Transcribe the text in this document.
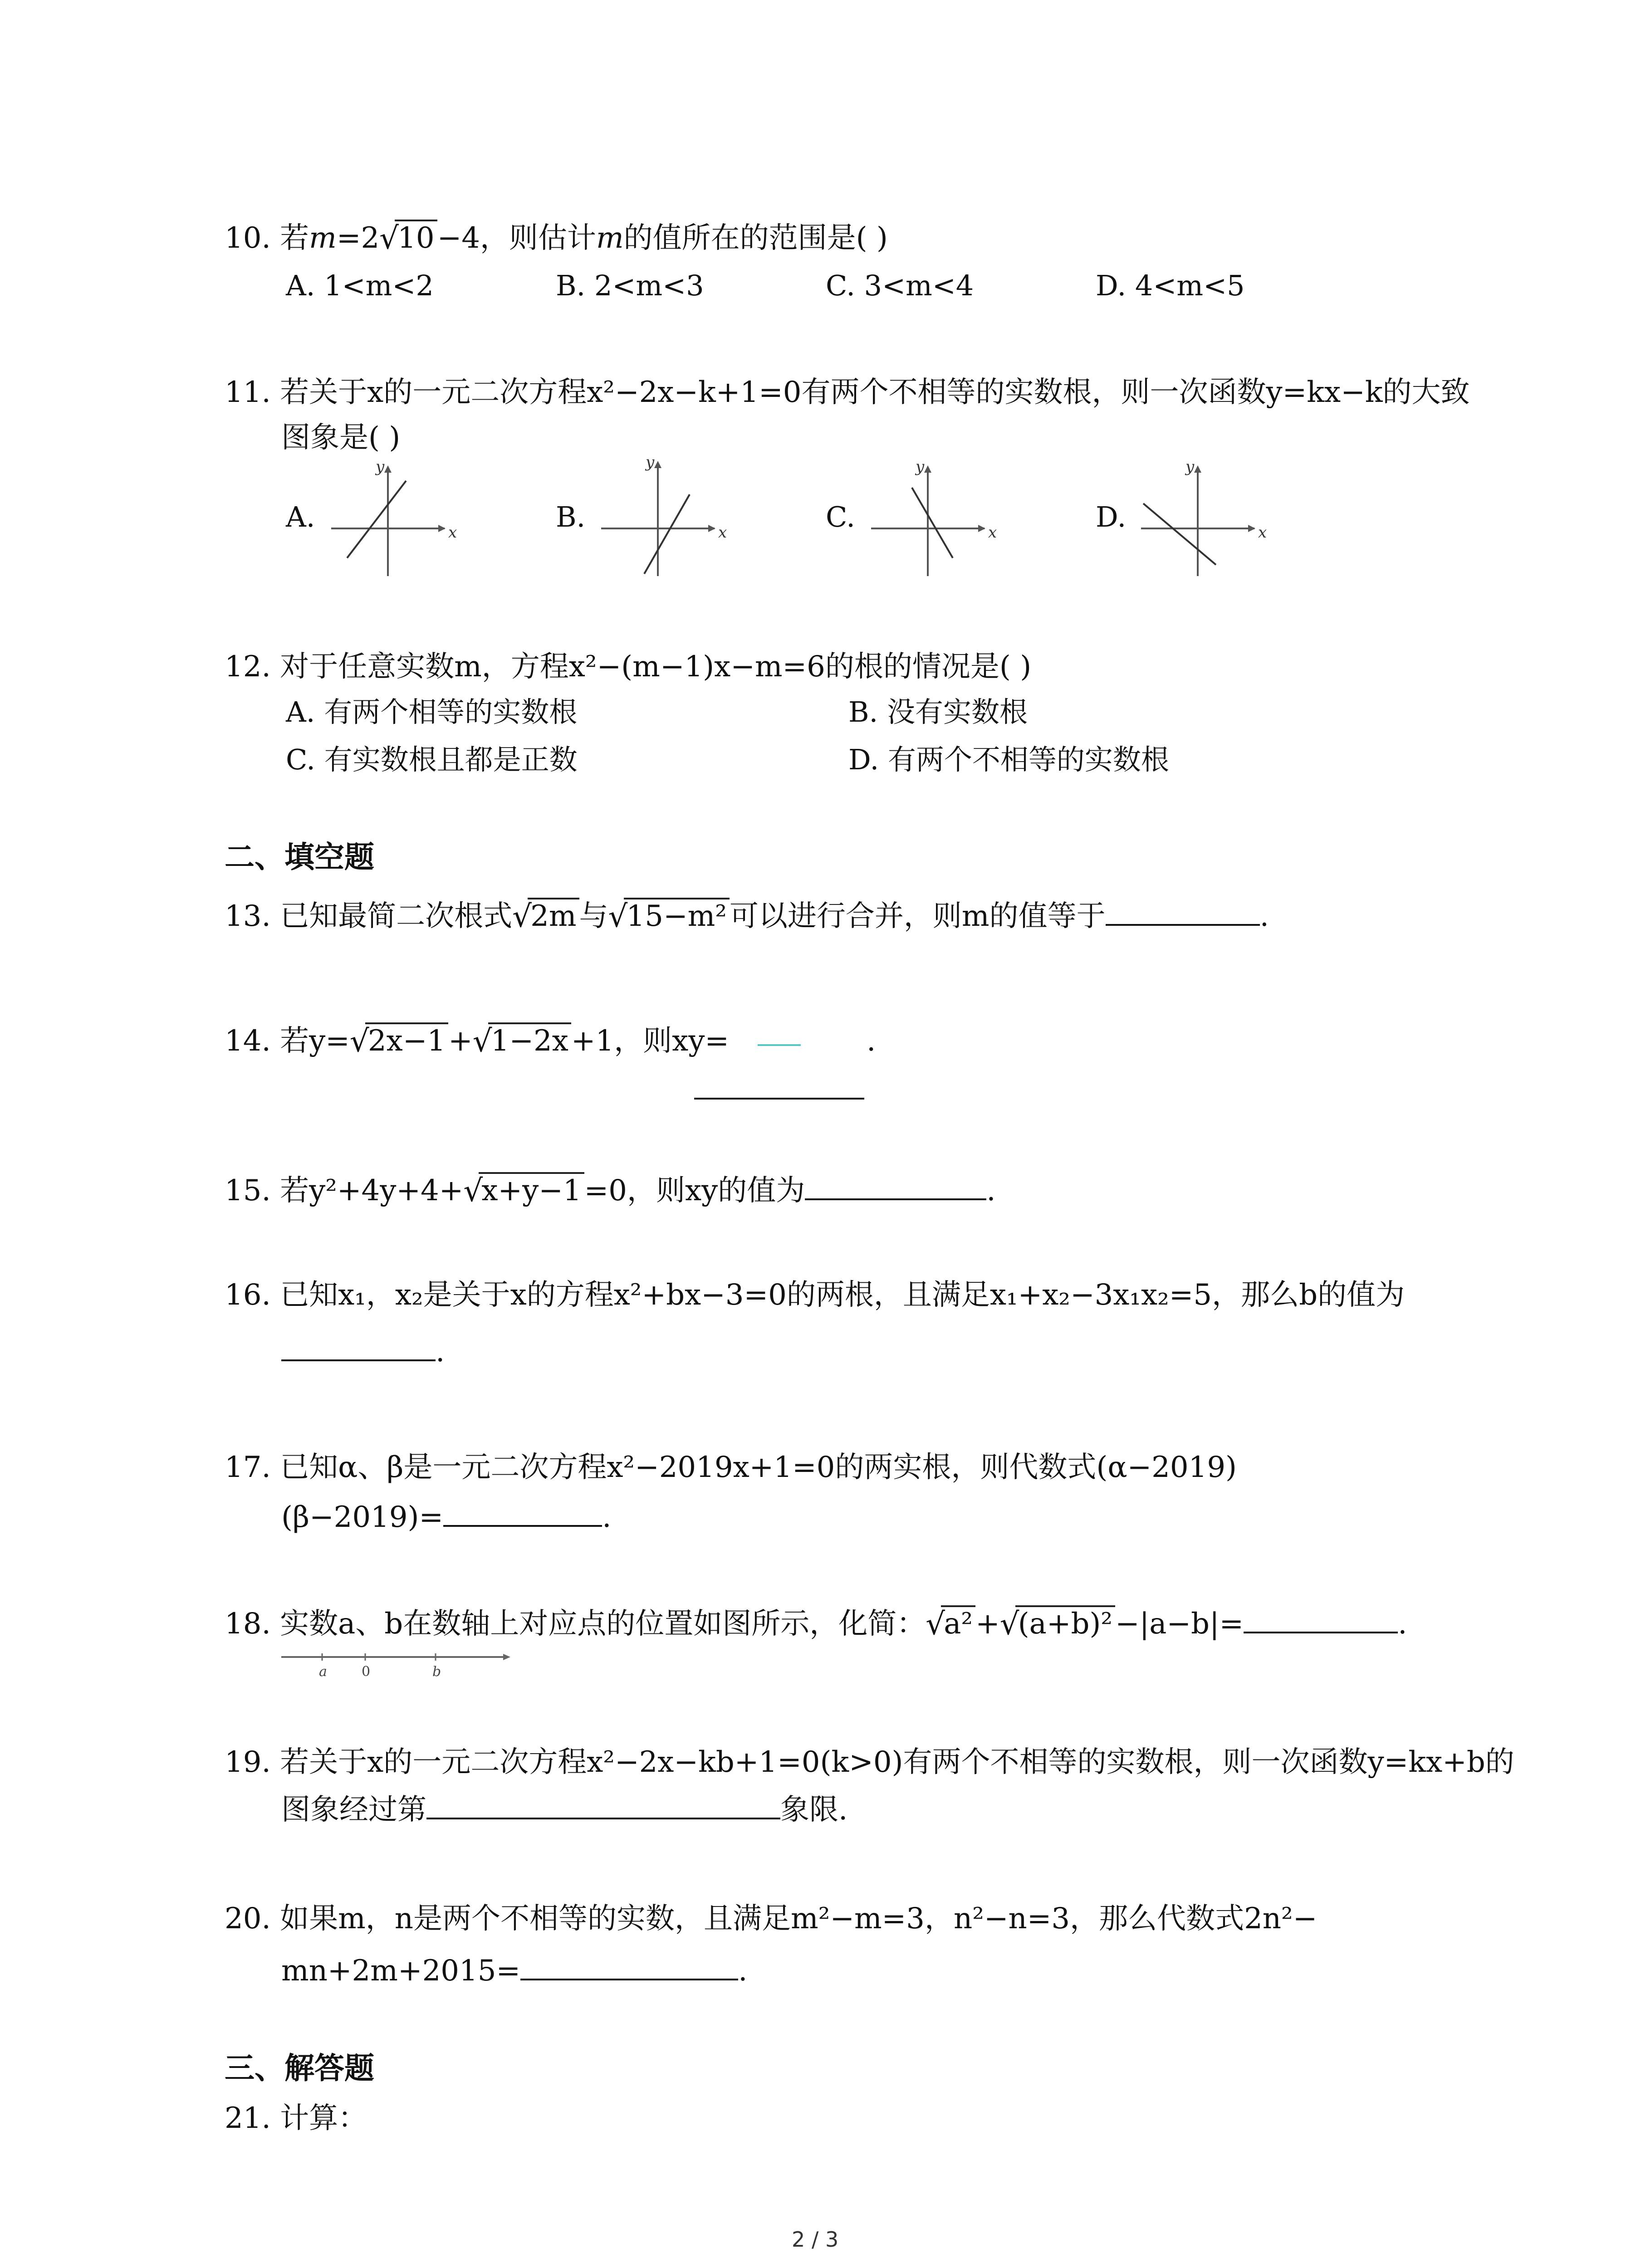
10. 若m=2 √ 10−4，则估计m的值所在的范围是( )
A. 1<m<2	B. 2<m<3	C. 3<m<4	D. 4<m<5
11. 若关于x的一元二次方程x²−2x−k+1=0有两个不相等的实数根，则一次函数y=kx−k的大致
图象是( )
A.	B.	C.	D.
x
y
x
y
x
y
x
y
12. 对于任意实数m，方程x²−(m−1)x−m=6的根的情况是( )
A. 有两个相等的实数根	B. 没有实数根
C. 有实数根且都是正数	D. 有两个不相等的实数根
二、填空题
13. 已知最简二次根式 √ 2m与 √ 15−m²可以进行合并，则m的值等于	.
14. 若y= √ 2x−1+ √ 1−2x+1，则xy=	.
15. 若y²+4y+4+ √ x+y−1=0，则xy的值为	.
16. 已知x₁，x₂是关于x的方程x²+bx−3=0的两根，且满足x₁+x₂−3x₁x₂=5，那么b的值为
.
17. 已知α、β是一元二次方程x²−2019x+1=0的两实根，则代数式(α−2019)
(β−2019)=	.
18. 实数a、b在数轴上对应点的位置如图所示，化简： √ a²+ √ (a+b)²−|a−b|=	.
a	0	b
19. 若关于x的一元二次方程x²−2x−kb+1=0(k>0)有两个不相等的实数根，则一次函数y=kx+b的
图象经过第	象限.
20. 如果m，n是两个不相等的实数，且满足m²−m=3，n²−n=3，那么代数式2n²−
mn+2m+2015=	.
三、解答题
21. 计算：
2 / 3
